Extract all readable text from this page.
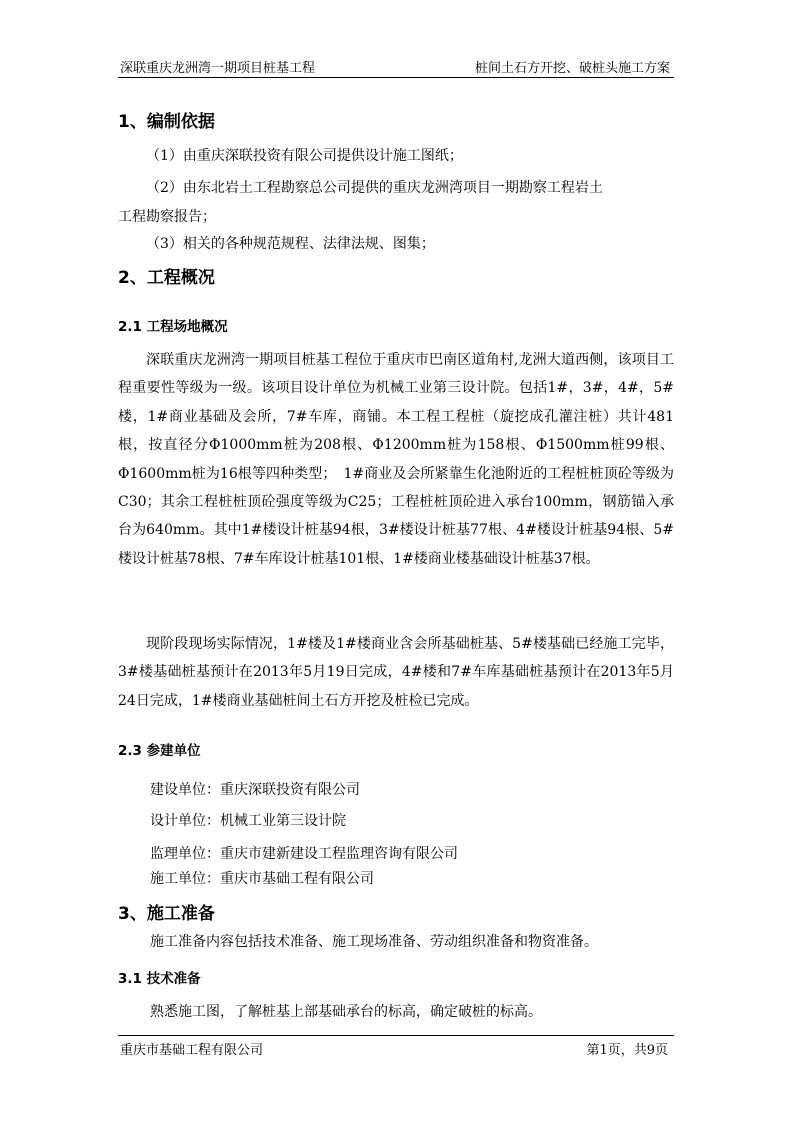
深联重庆龙洲湾一期项目桩基工程	桩间土石方开挖、破桩头施工方案
1、编制依据
（1）由重庆深联投资有限公司提供设计施工图纸；
（2）由东北岩土工程勘察总公司提供的重庆龙洲湾项目一期勘察工程岩土
工程勘察报告；
（3）相关的各种规范规程、法律法规、图集；
2、工程概况
2.1 工程场地概况

深联重庆龙洲湾一期项目桩基工程位于重庆市巴南区道角村,龙洲大道西侧，该项目工程重要性等级为一级。该项目设计单位为机械工业第三设计院。包括1#，3#，4#，5#楼，1#商业基础及会所，7#车库，商铺。本工程工程桩（旋挖成孔灌注桩）共计481根，按直径分Φ1000mm桩为208根、Φ1200mm桩为158根、Φ1500mm桩99根、Φ1600mm桩为16根等四种类型；　1#商业及会所紧靠生化池附近的工程桩桩顶砼等级为C30；其余工程桩桩顶砼强度等级为C25；工程桩桩顶砼进入承台100mm，钢筋锚入承台为640mm。其中1#楼设计桩基94根，3#楼设计桩基77根、4#楼设计桩基94根、5#楼设计桩基78根、7#车库设计桩基101根、1#楼商业楼基础设计桩基37根。

现阶段现场实际情况，1#楼及1#楼商业含会所基础桩基、5#楼基础已经施工完毕，3#楼基础桩基预计在2013年5月19日完成，4#楼和7#车库基础桩基预计在2013年5月24日完成，1#楼商业基础桩间土石方开挖及桩检已完成。

2.3 参建单位
建设单位：重庆深联投资有限公司
设计单位：机械工业第三设计院
监理单位：重庆市建新建设工程监理咨询有限公司
施工单位：重庆市基础工程有限公司
3、施工准备
施工准备内容包括技术准备、施工现场准备、劳动组织准备和物资准备。
3.1 技术准备
熟悉施工图，了解桩基上部基础承台的标高，确定破桩的标高。
重庆市基础工程有限公司	第1页，共9页
